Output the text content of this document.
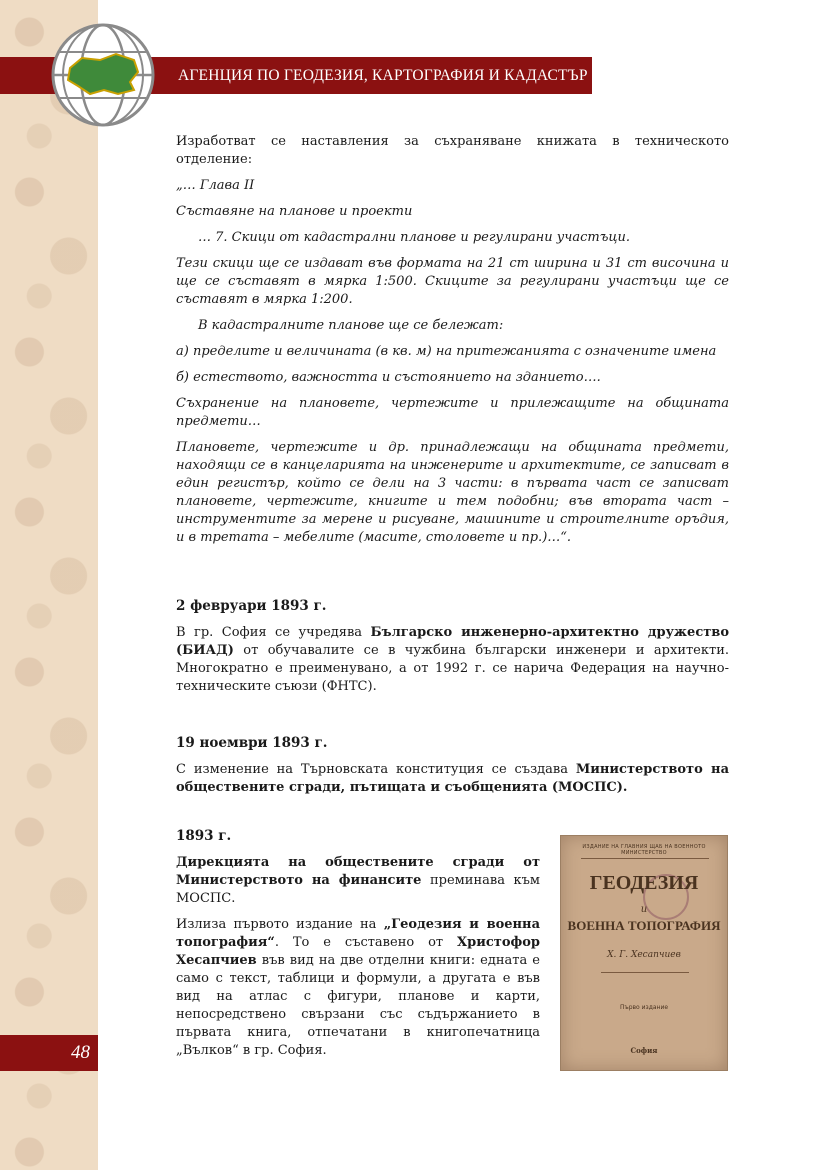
АГЕНЦИЯ ПО ГЕОДЕЗИЯ, КАРТОГРАФИЯ И КАДАСТЪР
48
Изработват се наставления за съхраняване книжата в техническото отделение:
„… Глава II
Съставяне на планове и проекти
… 7. Скици от кадастрални планове и регулирани участъци.
Тези скици ще се издават във формата на 21 cm ширина и 31 cm височина и ще се съставят в мярка 1:500. Скиците за регулирани участъци ще се съставят в мярка 1:200.
В кадастралните планове ще се бележат:
а) пределите и величината (в кв. м) на притежанията с означените имена
б) естеството, важността и състоянието на зданието….
Съхранение на плановете, чертежите и прилежащите на общината предмети…
Плановете, чертежите и др. принадлежащи на общината предмети, находящи се в канцеларията на инженерите и архитектите, се записват в един регистър, който се дели на 3 части: в първата част се записват плановете, чертежите, книгите и тем подобни; във втората част – инструментите за мерене и рисуване, машините и строителните оръдия, и в третата – мебелите (масите, столовете и пр.)…“.
2 февруари 1893 г.
В гр. София се учредява Българско инженерно-архитектно дружество (БИАД) от обучавалите се в чужбина български инженери и архитекти. Многократно е преименувано, а от 1992 г. се нарича Федерация на научно-техническите съюзи (ФНТС).
19 ноември 1893 г.
С изменение на Търновската конституция се създава Министерството на обществените сгради, пътищата и съобщенията (МОСПС).
1893 г.
Дирекцията на обществените сгради от Министерството на финансите преминава към МОСПС.
Излиза първото издание на „Геодезия и военна топография“. То е съставено от Христофор Хесапчиев във вид на две отделни книги: едната е само с текст, таблици и формули, а другата е във вид на атлас с фигури, планове и карти, непосредствено свързани със съдържанието в първата книга, отпечатани в книгопечатница „Вълков“ в гр. София.
ИЗДАНИЕ НА ГЛАВНИЯ ЩАБ НА ВОЕННОТО МИНИСТЕРСТВО
ГЕОДЕЗИЯ
и
ВОЕННА ТОПОГРАФИЯ
Х. Г. Хесапчиев
Първо издание
София
